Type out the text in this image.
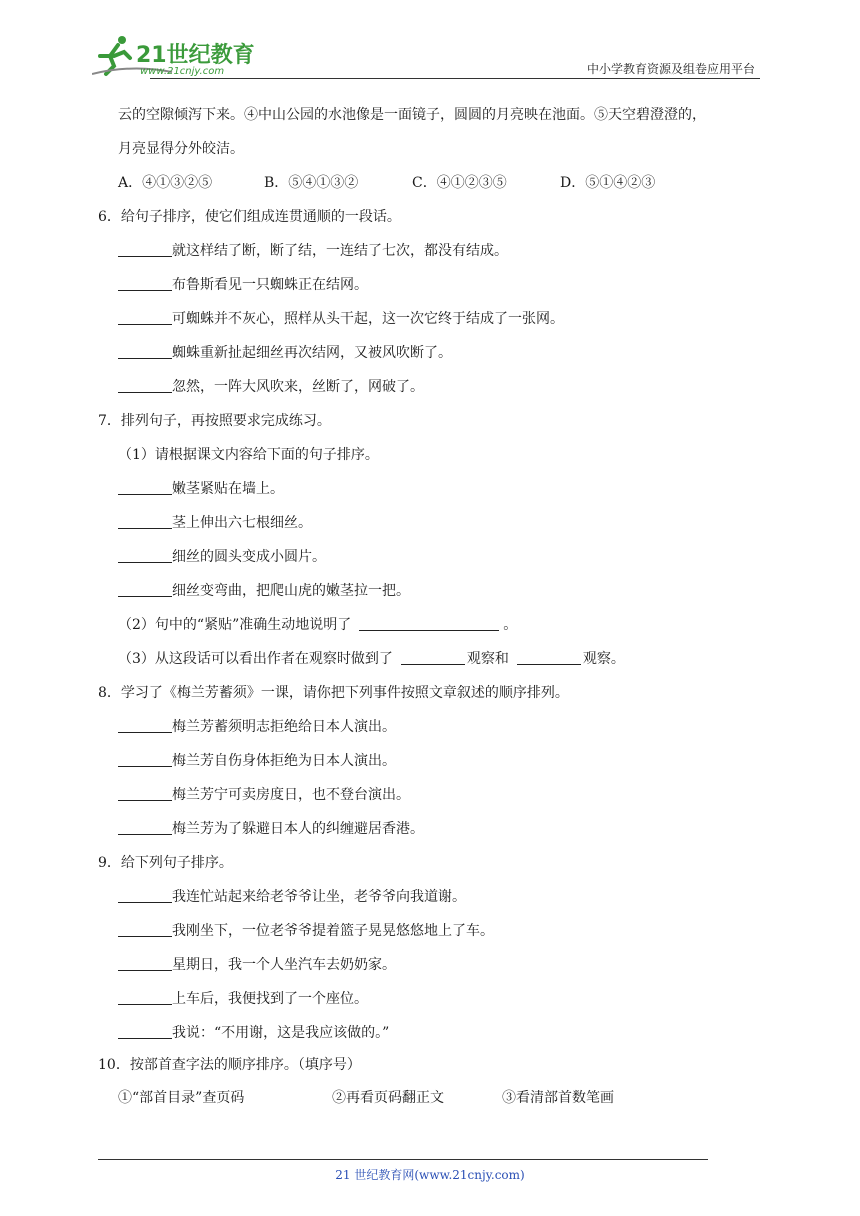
21世纪教育
www.21cnjy.com	中小学教育资源及组卷应用平台
云的空隙倾泻下来。④中山公园的水池像是一面镜子，圆圆的月亮映在池面。⑤天空碧澄澄的，
月亮显得分外皎洁。
A．④①③②⑤	B．⑤④①③②	C．④①②③⑤	D．⑤①④②③
6．给句子排序，使它们组成连贯通顺的一段话。
就这样结了断，断了结，一连结了七次，都没有结成。
布鲁斯看见一只蜘蛛正在结网。
可蜘蛛并不灰心，照样从头干起，这一次它终于结成了一张网。
蜘蛛重新扯起细丝再次结网，又被风吹断了。
忽然，一阵大风吹来，丝断了，网破了。
7．排列句子，再按照要求完成练习。
（1）请根据课文内容给下面的句子排序。
嫩茎紧贴在墙上。
茎上伸出六七根细丝。
细丝的圆头变成小圆片。
细丝变弯曲，把爬山虎的嫩茎拉一把。
（2）句中的“紧贴”准确生动地说明了	。
（3）从这段话可以看出作者在观察时做到了	观察和	观察。
8．学习了《梅兰芳蓄须》一课，请你把下列事件按照文章叙述的顺序排列。
梅兰芳蓄须明志拒绝给日本人演出。
梅兰芳自伤身体拒绝为日本人演出。
梅兰芳宁可卖房度日，也不登台演出。
梅兰芳为了躲避日本人的纠缠避居香港。
9．给下列句子排序。
我连忙站起来给老爷爷让坐，老爷爷向我道谢。
我刚坐下，一位老爷爷提着篮子晃晃悠悠地上了车。
星期日，我一个人坐汽车去奶奶家。
上车后，我便找到了一个座位。
我说：“不用谢，这是我应该做的。”
10．按部首查字法的顺序排序。（填序号）
①“部首目录”查页码	②再看页码翻正文	③看清部首数笔画
21 世纪教育网(www.21cnjy.com)
